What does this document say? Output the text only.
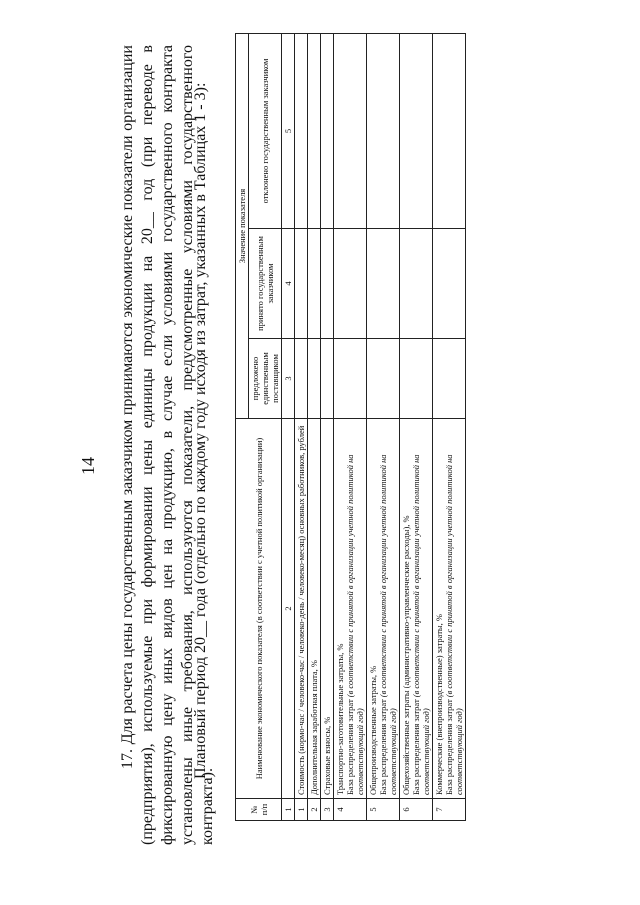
14 17. Для расчета цены государственным заказчиком принимаются экономические показатели организации (предприятия), используемые при формировании цены единицы продукции на 20__ год (при переводе в фиксированную цену иных видов цен на продукцию, в случае если условиями государственного контракта установлены иные требования, используются показатели, предусмотренные условиями государственного контракта).
Плановый период 20__ года (отдельно по каждому году исходя из затрат, указанных в Таблицах 1 - 3):
№ п/п	Наименование экономического показателя (в соответствии с учетной политикой организации)	Значение показателя		
		предложено единственным поставщиком	принято государственным заказчиком	отклонено государственным заказчиком
1	2	3	4	5
1	Стоимость (нормо-час / человеко-час / человеко-день / человеко-месяц) основных работников, рублей			
2	Дополнительная заработная плата, %			
3	Страховые взносы, %			
4	Транспортно-заготовительные затраты, % База распределения затрат (в соответствии с принятой в организации учетной политикой на соответствующий год)			

5	Общепроизводственные затраты, % База распределения затрат (в соответствии с принятой в организации учетной политикой на соответствующий год)			

6	Общехозяйственные затраты (административно-управленческие расходы), % База распределения затрат (в соответствии с принятой в организации учетной политикой на соответствующий год)			

7	Коммерческие (внепроизводственные) затраты, % База распределения затрат (в соответствии с принятой в организации учетной политикой на соответствующий год)			
